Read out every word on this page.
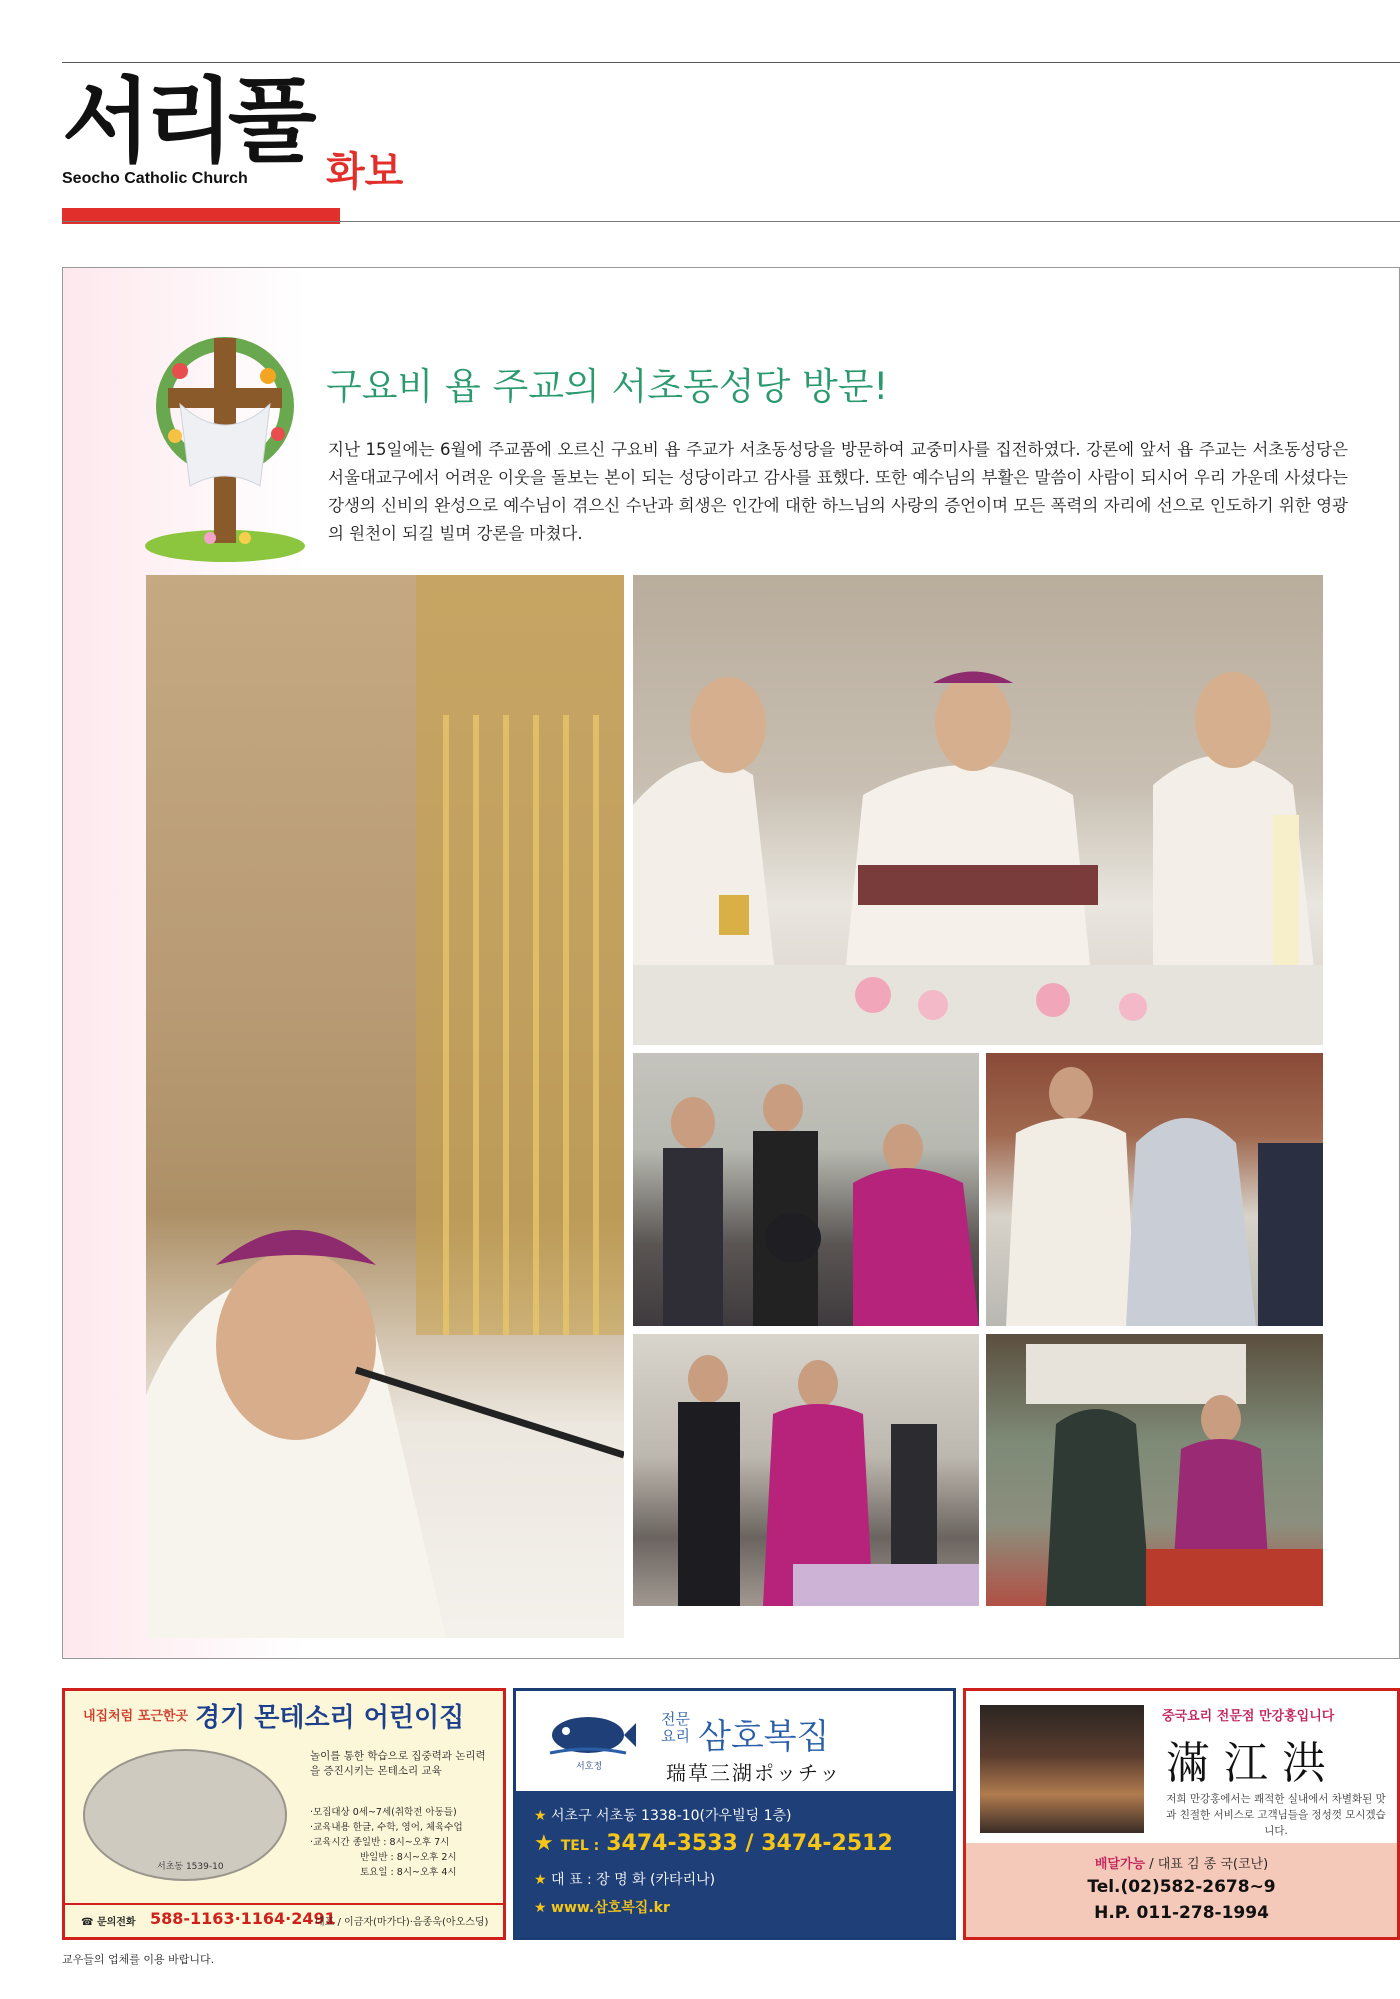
서리풀
Seocho Catholic Church 화보
구요비 욥 주교의 서초동성당 방문!
지난 15일에는 6월에 주교품에 오르신 구요비 욥 주교가 서초동성당을 방문하여 교중미사를 집전하였다. 강론에 앞서 욥 주교는 서초동성당은 서울대교구에서 어려운 이웃을 돌보는 본이 되는 성당이라고 감사를 표했다. 또한 예수님의 부활은 말씀이 사람이 되시어 우리 가운데 사셨다는 강생의 신비의 완성으로 예수님이 겪으신 수난과 희생은 인간에 대한 하느님의 사랑의 증언이며 모든 폭력의 자리에 선으로 인도하기 위한 영광의 원천이 되길 빌며 강론을 마쳤다.
내집처럼 포근한곳 경기 몬테소리 어린이집
서초동 1539-10
놀이를 통한 학습으로 집중력과 논리력을 증진시키는 몬테소리 교육
·모집대상 0세~7세(취학전 아동들)
·교육내용 한글, 수학, 영어, 체육수업
·교육시간 종일반 : 8시~오후 7시
반일반 : 8시~오후 2시
토요일 : 8시~오후 4시
☎ 문의전화 588-1163·1164·2491
대표 / 이금자(마가다)·음종욱(아오스딩)
서호정
전문요리 삼호복집
瑞草三湖ポッチッ
★ 서초구 서초동 1338-10(가우빌딩 1층)
★ TEL : 3474-3533 / 3474-2512
★ 대 표 : 장 명 화 (카타리나)
★ www.삼호복집.kr
중국요리 전문점 만강홍입니다
滿江洪
저희 만강홍에서는 쾌적한 실내에서 차별화된 맛과 친절한 서비스로 고객님들을 정성껏 모시겠습니다.
배달가능 / 대표 김 종 국(코난)
Tel.(02)582-2678~9
H.P. 011-278-1994
교우들의 업체를 이용 바랍니다.
